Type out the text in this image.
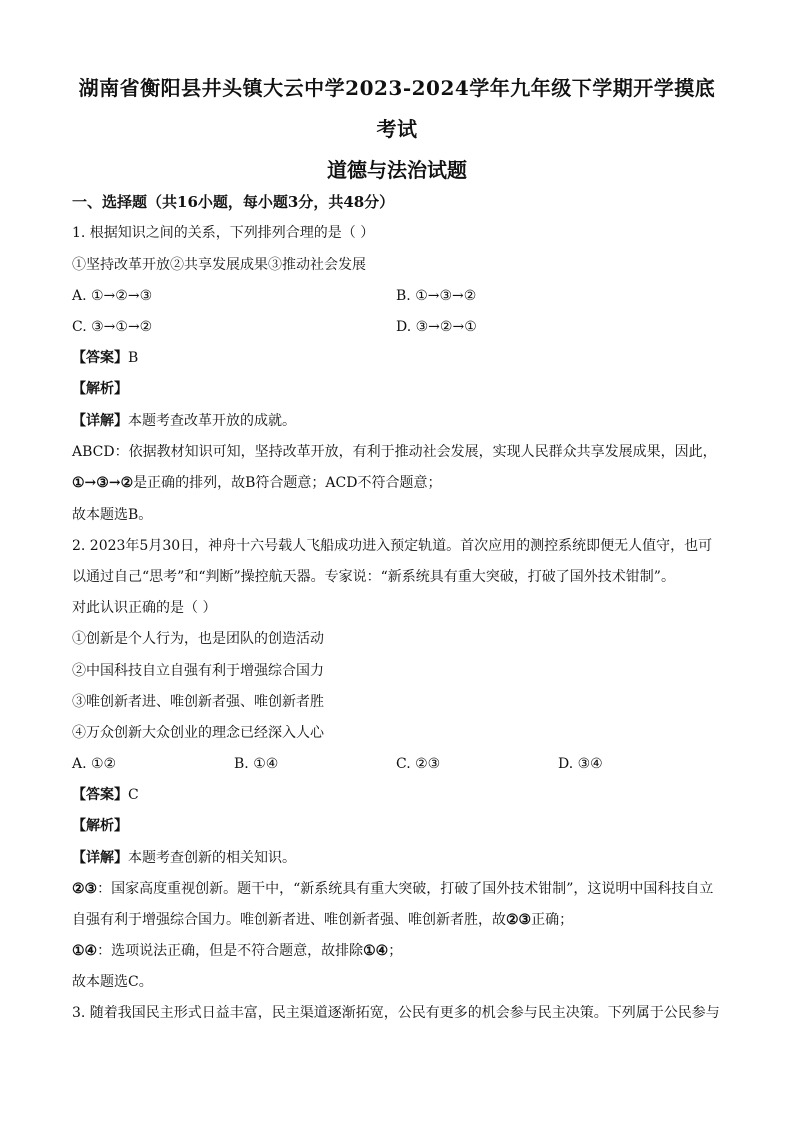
湖南省衡阳县井头镇大云中学2023-2024学年九年级下学期开学摸底
考试
道德与法治试题
一、选择题（共16小题，每小题3分，共48分）
1. 根据知识之间的关系，下列排列合理的是（ ）
①坚持改革开放②共享发展成果③推动社会发展
A. ①→②→③	B. ①→③→②
C. ③→①→②	D. ③→②→①
【答案】B
【解析】
【详解】本题考查改革开放的成就。
ABCD：依据教材知识可知，坚持改革开放，有利于推动社会发展，实现人民群众共享发展成果，因此，
①→③→②是正确的排列，故B符合题意；ACD不符合题意；
故本题选B。
2. 2023年5月30日，神舟十六号载人飞船成功进入预定轨道。首次应用的测控系统即便无人值守，也可
以通过自己“思考”和“判断”操控航天器。专家说：“新系统具有重大突破，打破了国外技术钳制”。
对此认识正确的是（ ）
①创新是个人行为，也是团队的创造活动
②中国科技自立自强有利于增强综合国力
③唯创新者进、唯创新者强、唯创新者胜
④万众创新大众创业的理念已经深入人心
A. ①②	B. ①④	C. ②③	D. ③④
【答案】C
【解析】
【详解】本题考查创新的相关知识。
②③：国家高度重视创新。题干中，“新系统具有重大突破，打破了国外技术钳制”，这说明中国科技自立
自强有利于增强综合国力。唯创新者进、唯创新者强、唯创新者胜，故②③正确；
①④：选项说法正确，但是不符合题意，故排除①④；
故本题选C。
3. 随着我国民主形式日益丰富，民主渠道逐渐拓宽，公民有更多的机会参与民主决策。下列属于公民参与
